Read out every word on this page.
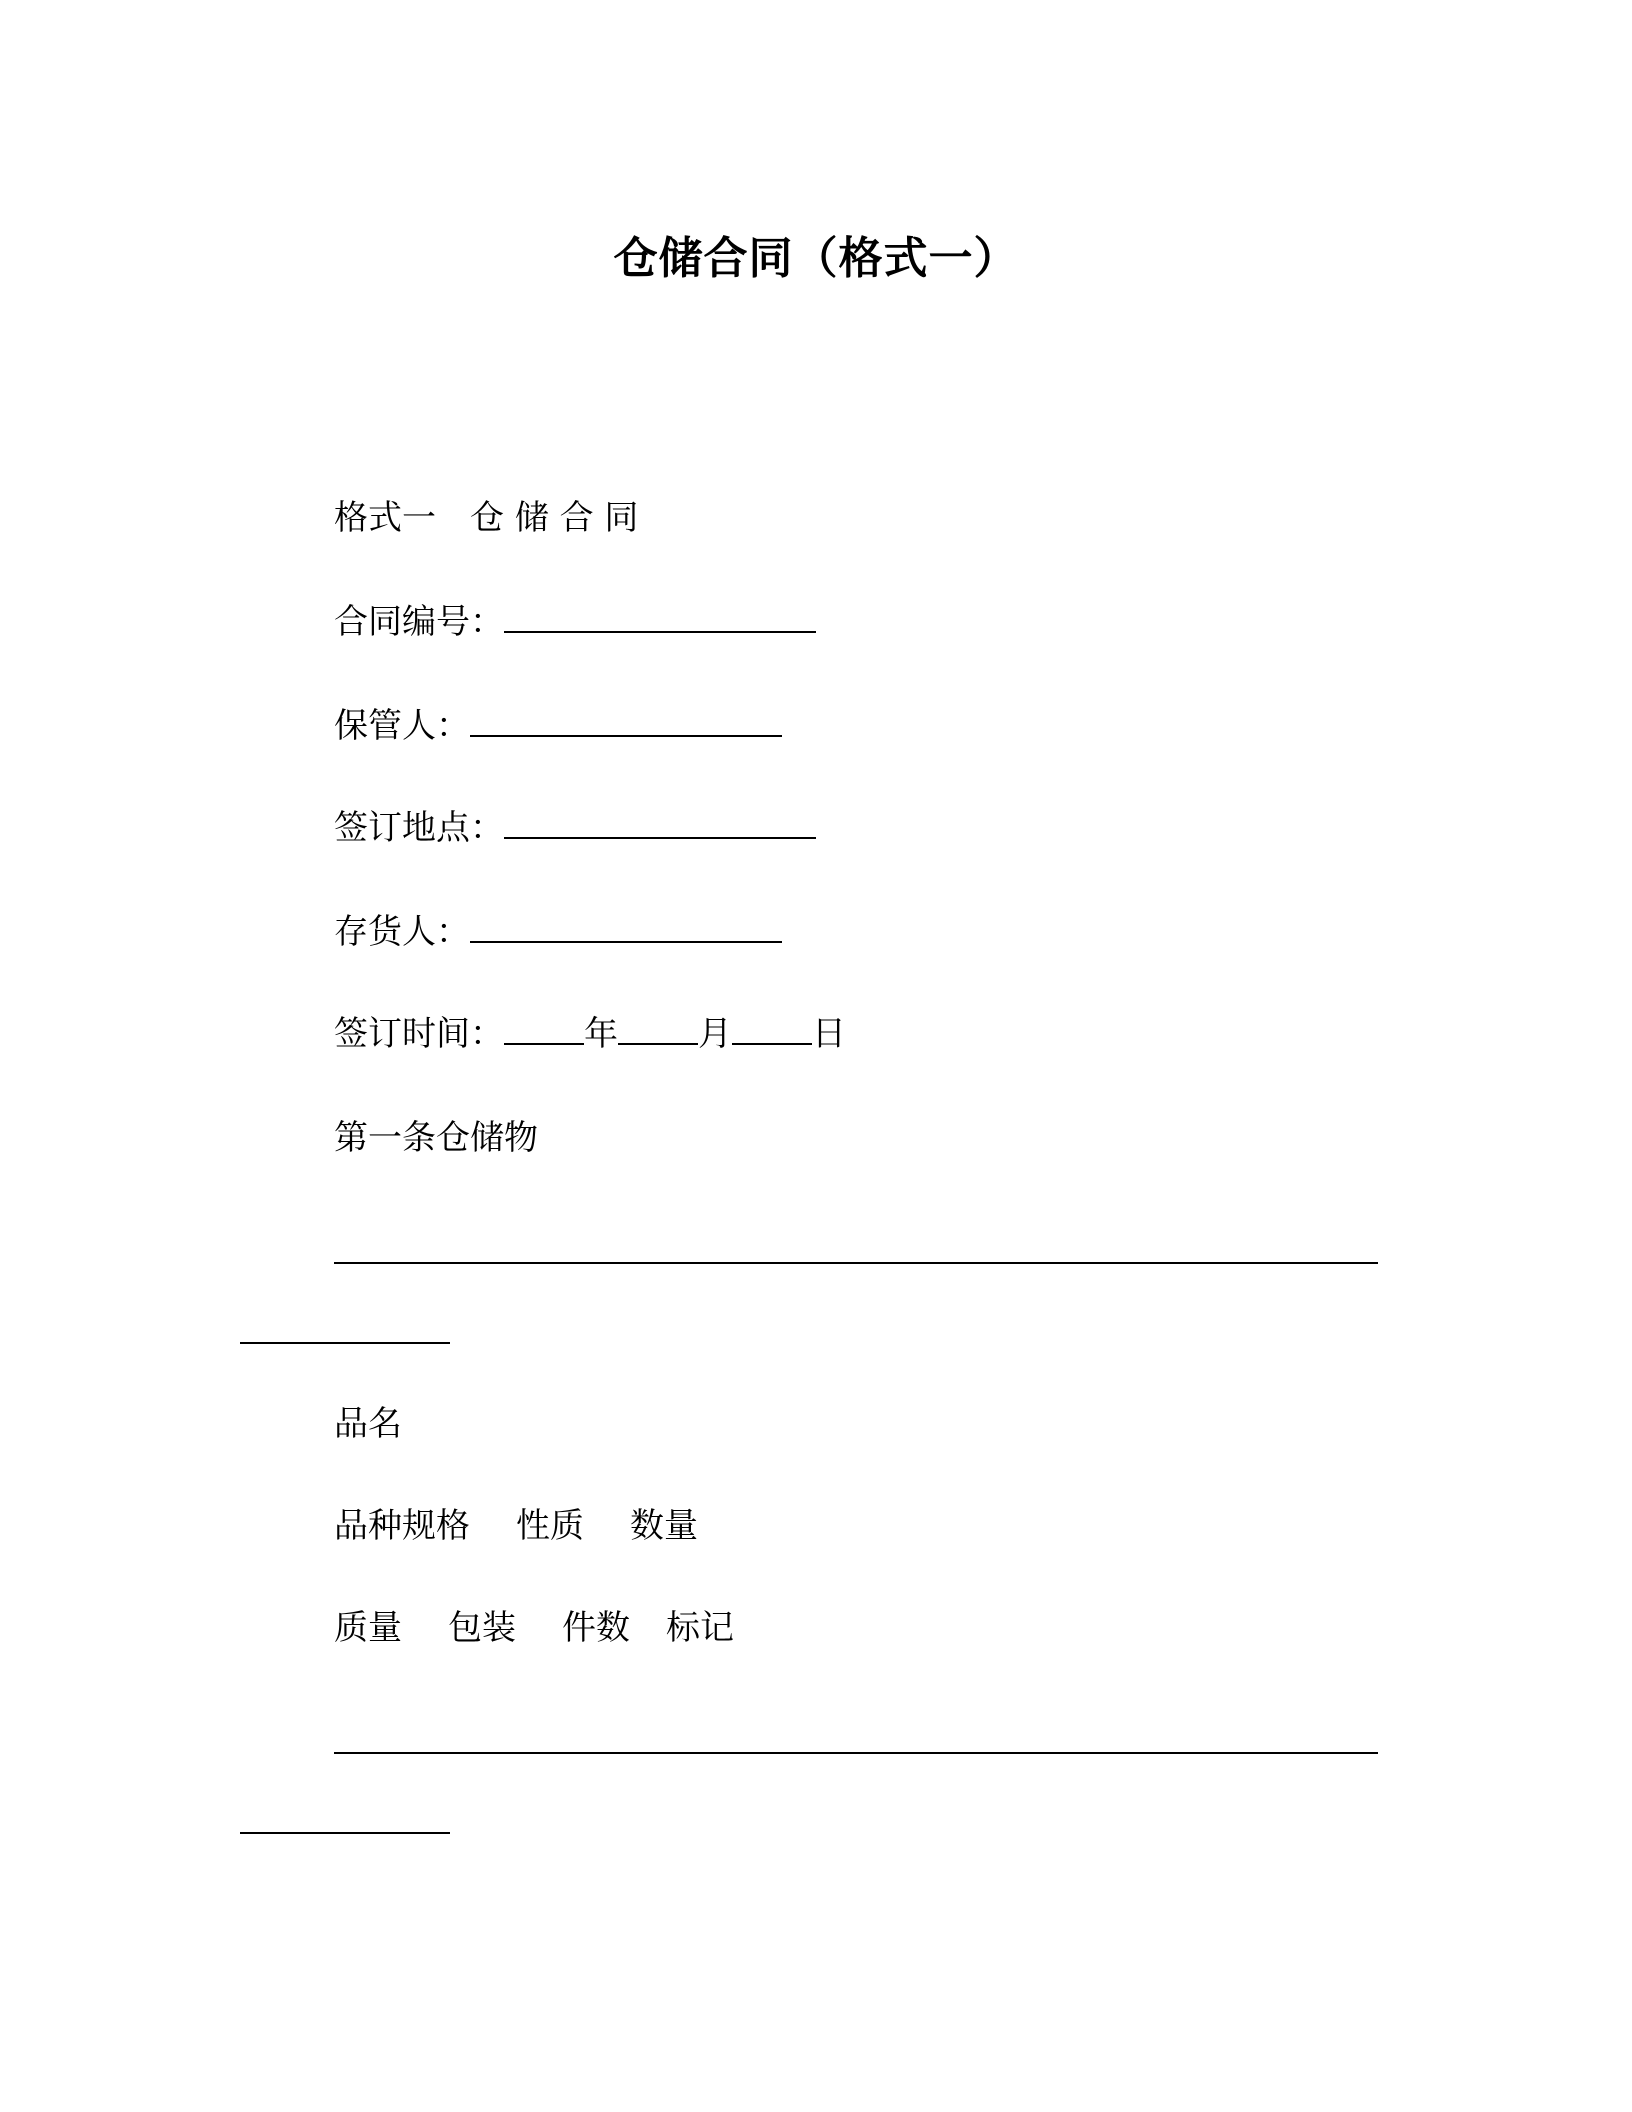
仓储合同（格式一）
格式一　仓 储 合 同
合同编号：
保管人：
签订地点：
存货人：
签订时间： 年 月 日
第一条仓储物
品名
品种规格 性质 数量
质量 包装 件数 标记
